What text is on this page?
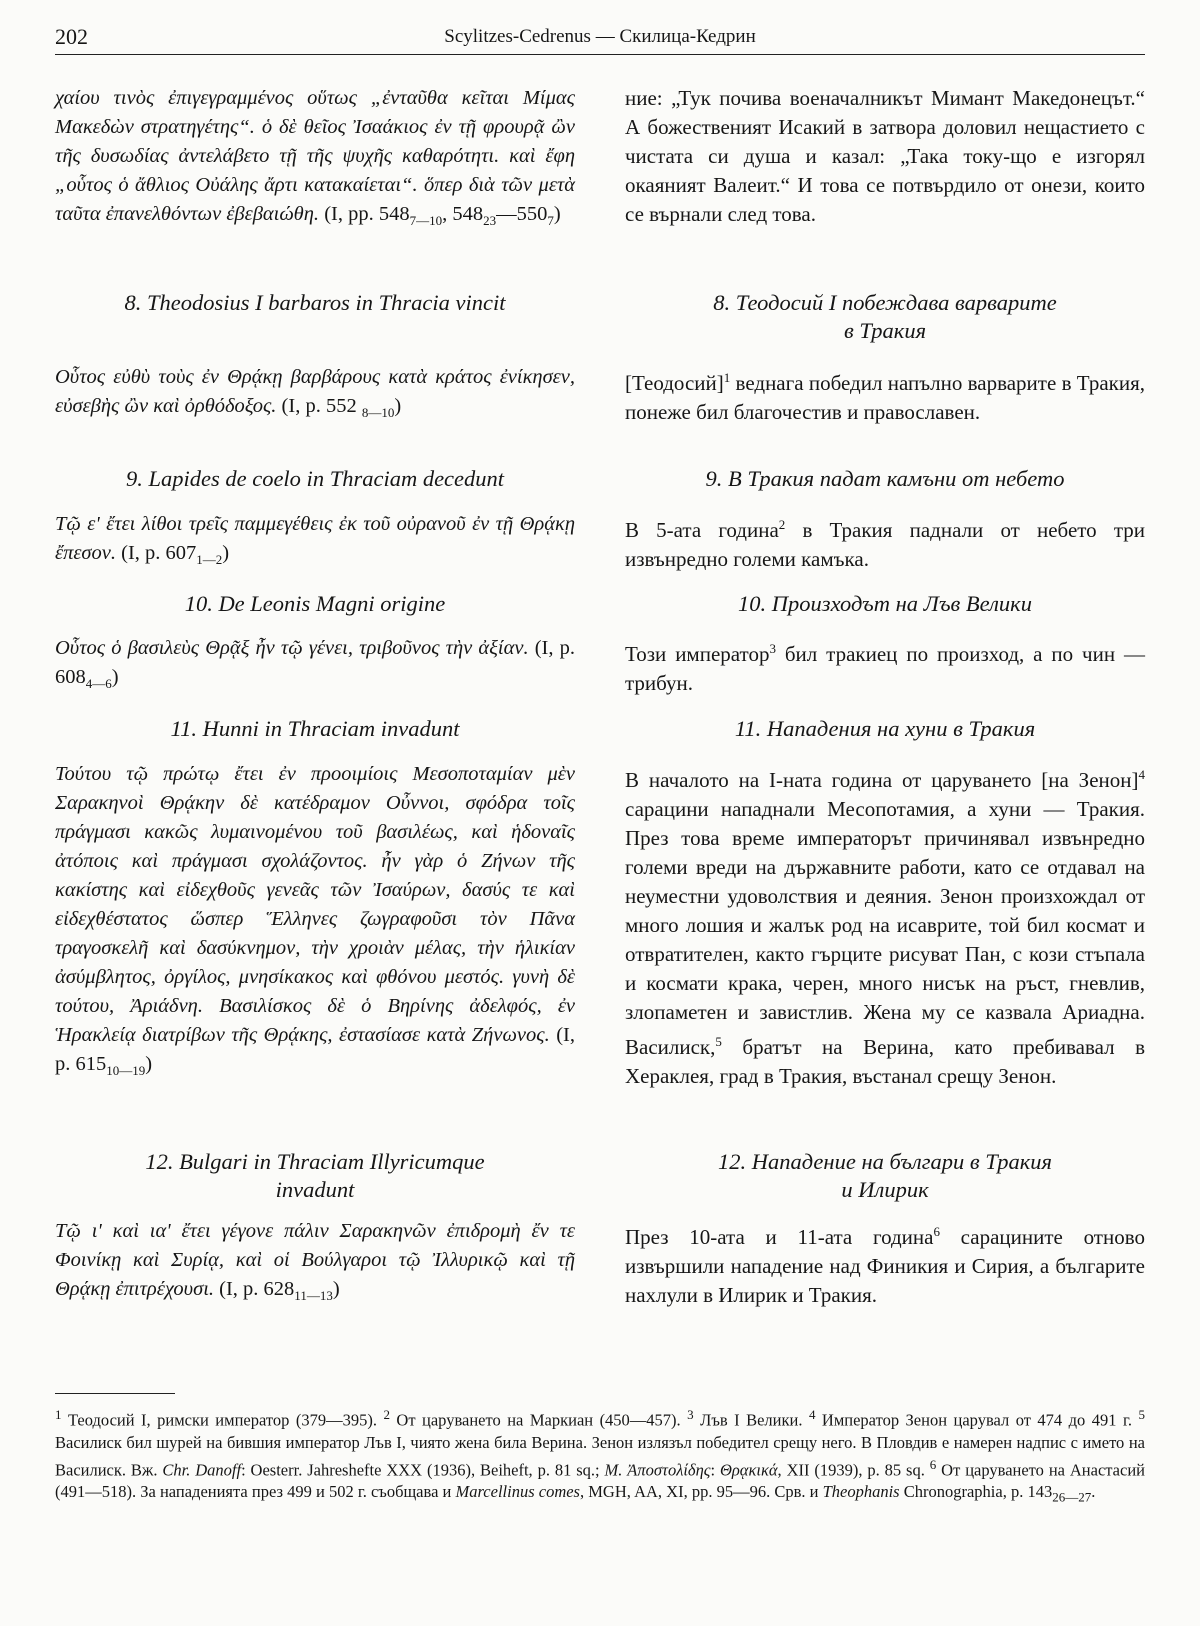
202	Scylitzes-Cedrenus — Скилица-Кедрин

χαίου τινὸς ἐπιγεγραμμένος οὕτως „ἐνταῦθα κεῖται Μίμας Μακεδὼν στρατηγέτης“. ὁ δὲ θεῖος Ἰσαάκιος ἐν τῇ φρουρᾷ ὢν τῆς δυσωδίας ἀντελάβετο τῇ τῆς ψυχῆς καθαρότητι. καὶ ἔφη „οὗτος ὁ ἄθλιος Οὐάλης ἄρτι κατακαίεται“. ὅπερ διὰ τῶν μετὰ ταῦτα ἐπανελθόντων ἐβεβαιώθη. (I, pp. $548_{7—10}$, $548_{23}—550_7$)

8. Theodosius I barbaros in Thracia vincit

Οὗτος εὐθὺ τοὺς ἐν Θρᾴκῃ βαρβάρους κατὰ κράτος ἐνίκησεν, εὐσεβὴς ὢν καὶ ὀρθόδοξος. (I, p. 552 $_{8—10}$)

9. Lapides de coelo in Thraciam decedunt

Τῷ ε' ἔτει λίθοι τρεῖς παμμεγέθεις ἐκ τοῦ οὐρανοῦ ἐν τῇ Θρᾴκῃ ἔπεσον. (I, p. $607_{1—2}$)

10. De Leonis Magni origine

Οὗτος ὁ βασιλεὺς Θρᾷξ ἦν τῷ γένει, τριβοῦνος τὴν ἀξίαν. (I, p. $608_{4—6}$)

11. Hunni in Thraciam invadunt

Τούτου τῷ πρώτῳ ἔτει ἐν προοιμίοις Μεσοποταμίαν μὲν Σαρακηνοὶ Θρᾴκην δὲ κατέδραμον Οὖννοι, σφόδρα τοῖς πράγμασι κακῶς λυμαινομένου τοῦ βασιλέως, καὶ ἡδοναῖς ἀτόποις καὶ πράγμασι σχολάζοντος. ἦν γὰρ ὁ Ζήνων τῆς κακίστης καὶ εἰδεχθοῦς γενεᾶς τῶν Ἰσαύρων, δασύς τε καὶ εἰδεχθέστατος ὥσπερ Ἕλληνες ζωγραφοῦσι τὸν Πᾶνα τραγοσκελῆ καὶ δασύκνημον, τὴν χροιὰν μέλας, τὴν ἡλικίαν ἀσύμβλητος, ὀργίλος, μνησίκακος καὶ φθόνου μεστός. γυνὴ δὲ τούτου, Ἀριάδνη. Βασιλίσκος δὲ ὁ Βηρίνης ἀδελφός, ἐν Ἡρακλείᾳ διατρίβων τῆς Θρᾴκης, ἐστασίασε κατὰ Ζήνωνος. (I, p. $615_{10—19}$)

12. Bulgari in Thraciam Illyricumque
invadunt

Τῷ ι' καὶ ια' ἔτει γέγονε πάλιν Σαρακηνῶν ἐπιδρομὴ ἔν τε Φοινίκῃ καὶ Συρίᾳ, καὶ οἱ Βούλγαροι τῷ Ἰλλυρικῷ καὶ τῇ Θρᾴκῃ ἐπιτρέχουσι. (I, p. $628_{11—13}$)

ние: „Тук почива военачалникът Мимант Македонецът.“ А божественият Исакий в затвора доловил нещастието с чистата си душа и казал: „Така току-що е изгорял окаяният Валеит.“ И това се потвърдило от онези, които се върнали след това.

8. Теодосий I побеждава варварите
в Тракия

[Теодосий]$^1$ веднага победил напълно варварите в Тракия, понеже бил благочестив и православен.

9. В Тракия падат камъни от небето

В 5-ата година$^2$ в Тракия паднали от небето три извънредно големи камъка.

10. Произходът на Лъв Велики

Този император$^3$ бил тракиец по произход, а по чин — трибун.

11. Нападения на хуни в Тракия

В началото на I-ната година от царуването [на Зенон]$^4$ сарацини нападнали Месопотамия, а хуни — Тракия. През това време императорът причинявал извънредно големи вреди на държавните работи, като се отдавал на неуместни удоволствия и деяния. Зенон произхождал от много лошия и жалък род на исаврите, той бил космат и отвратителен, както гърците рисуват Пан, с кози стъпала и космати крака, черен, много нисък на ръст, гневлив, злопаметен и завистлив. Жена му се казвала Ариадна. Василиск,$^5$ братът на Верина, като пребивавал в Хераклея, град в Тракия, въстанал срещу Зенон.

12. Нападение на българи в Тракия
и Илирик

През 10-ата и 11-ата година$^6$ сарацините отново извършили нападение над Финикия и Сирия, а българите нахлули в Илирик и Тракия.

$^1$ Теодосий I, римски император (379—395). $^2$ От царуването на Маркиан (450—457). $^3$ Лъв I Велики. $^4$ Император Зенон царувал от 474 до 491 г. $^5$ Василиск бил шурей на бившия император Лъв I, чиято жена била Верина. Зенон излязъл победител срещу него. В Пловдив е намерен надпис с името на Василиск. Вж. Chr. Danoff: Oesterr. Jahreshefte XXX (1936), Beiheft, p. 81 sq.; M. Ἀποστολίδης: Θρᾳκικά, XII (1939), p. 85 sq. $^6$ От царуването на Анастасий (491—518). За нападенията през 499 и 502 г. съобщава и Marcellinus comes, MGH, AA, XI, pp. 95—96. Срв. и Theophanis Chronographia, p. $143_{26—27}$.
